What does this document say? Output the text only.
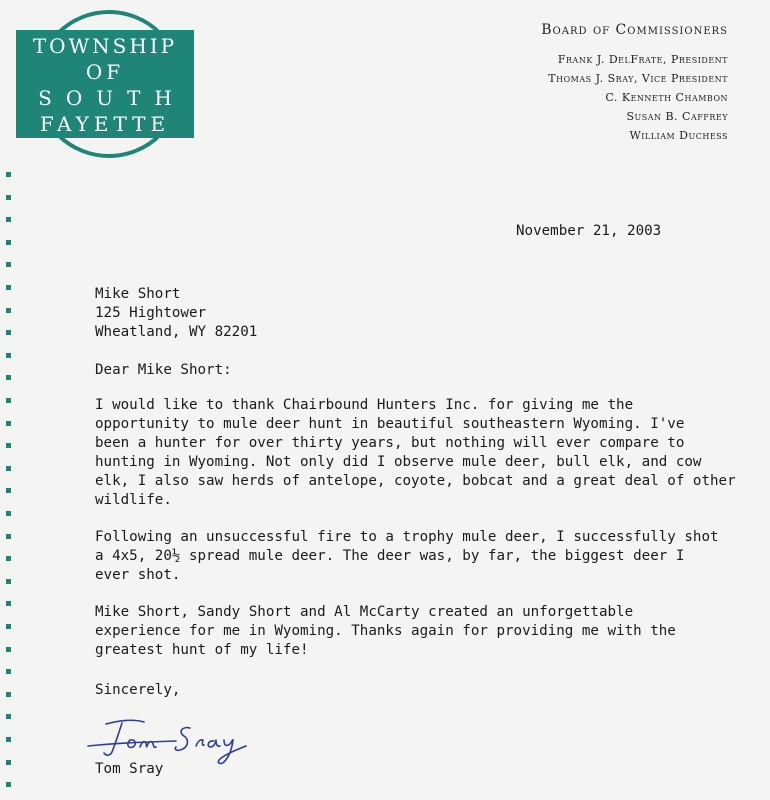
TOWNSHIP
OF
SOUTH
FAYETTE
Board of Commissioners
Frank J. DelFrate, President
Thomas J. Sray, Vice President
C. Kenneth Chambon
Susan B. Caffrey
William Duchess
November 21, 2003
Mike Short
125 Hightower
Wheatland, WY 82201
Dear Mike Short:
I would like to thank Chairbound Hunters Inc. for giving me the
opportunity to mule deer hunt in beautiful southeastern Wyoming. I've
been a hunter for over thirty years, but nothing will ever compare to
hunting in Wyoming. Not only did I observe mule deer, bull elk, and cow
elk, I also saw herds of antelope, coyote, bobcat and a great deal of other
wildlife.
Following an unsuccessful fire to a trophy mule deer, I successfully shot
a 4x5, 20½ spread mule deer. The deer was, by far, the biggest deer I
ever shot.
Mike Short, Sandy Short and Al McCarty created an unforgettable
experience for me in Wyoming. Thanks again for providing me with the
greatest hunt of my life!
Sincerely,
Tom Sray
